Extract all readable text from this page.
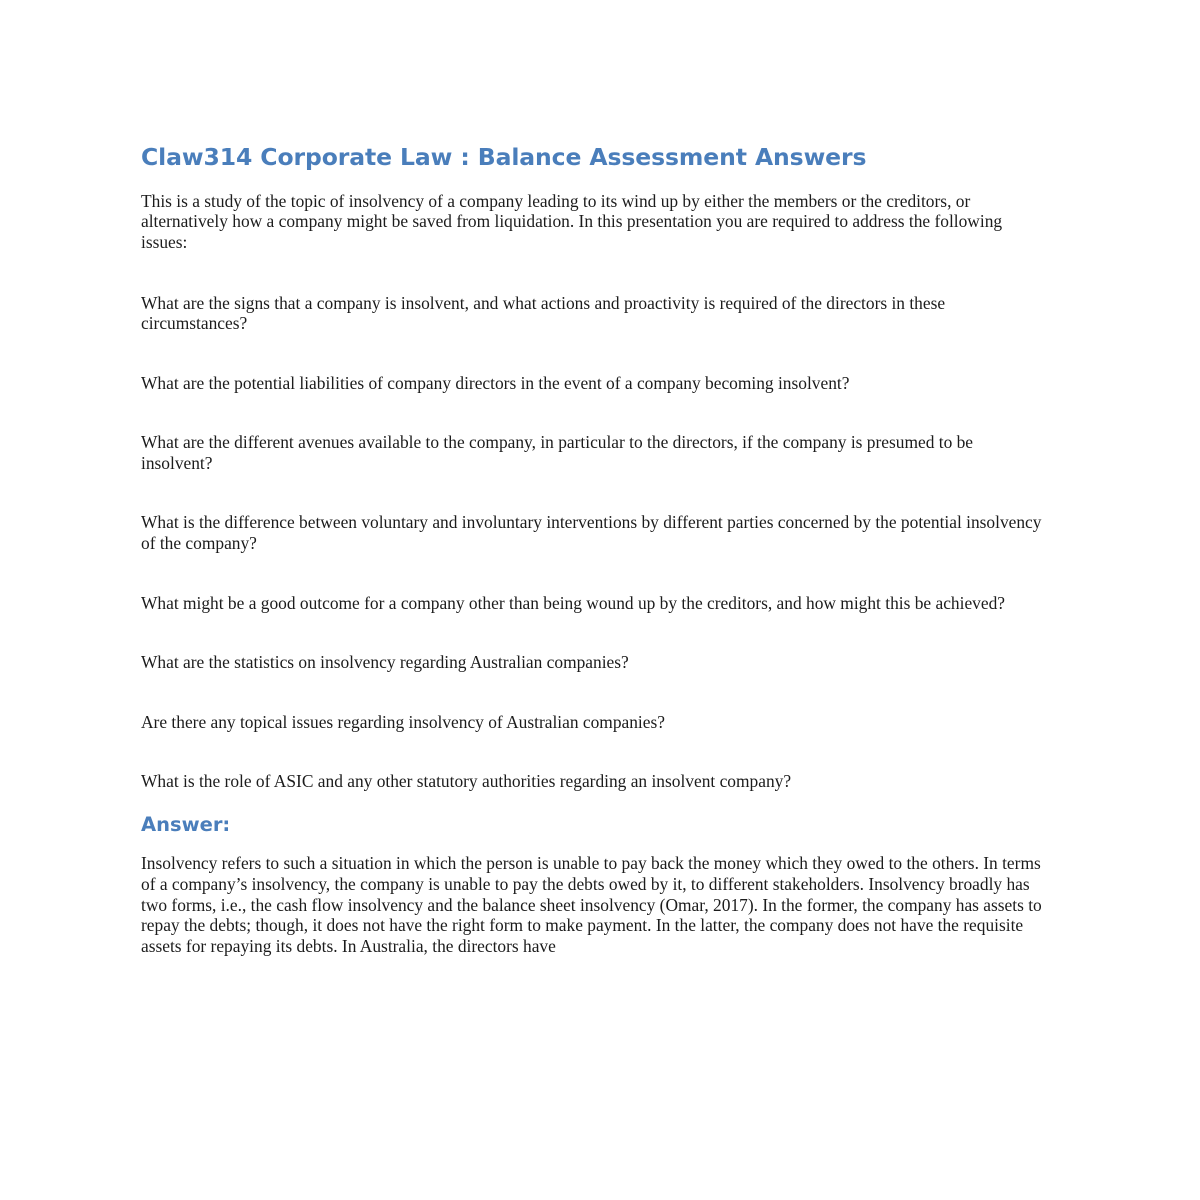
Claw314 Corporate Law : Balance Assessment Answers

This is a study of the topic of insolvency of a company leading to its wind up by either the members or the creditors, or alternatively how a company might be saved from liquidation. In this presentation you are required to address the following issues:

What are the signs that a company is insolvent, and what actions and proactivity is required of the directors in these circumstances?

What are the potential liabilities of company directors in the event of a company becoming insolvent?

What are the different avenues available to the company, in particular to the directors, if the company is presumed to be insolvent?

What is the difference between voluntary and involuntary interventions by different parties concerned by the potential insolvency of the company?

What might be a good outcome for a company other than being wound up by the creditors, and how might this be achieved?

What are the statistics on insolvency regarding Australian companies?

Are there any topical issues regarding insolvency of Australian companies?

What is the role of ASIC and any other statutory authorities regarding an insolvent company?

Answer:

Insolvency refers to such a situation in which the person is unable to pay back the money which they owed to the others. In terms of a company’s insolvency, the company is unable to pay the debts owed by it, to different stakeholders. Insolvency broadly has two forms, i.e., the cash flow insolvency and the balance sheet insolvency (Omar, 2017). In the former, the company has assets to repay the debts; though, it does not have the right form to make payment. In the latter, the company does not have the requisite assets for repaying its debts. In Australia, the directors have
